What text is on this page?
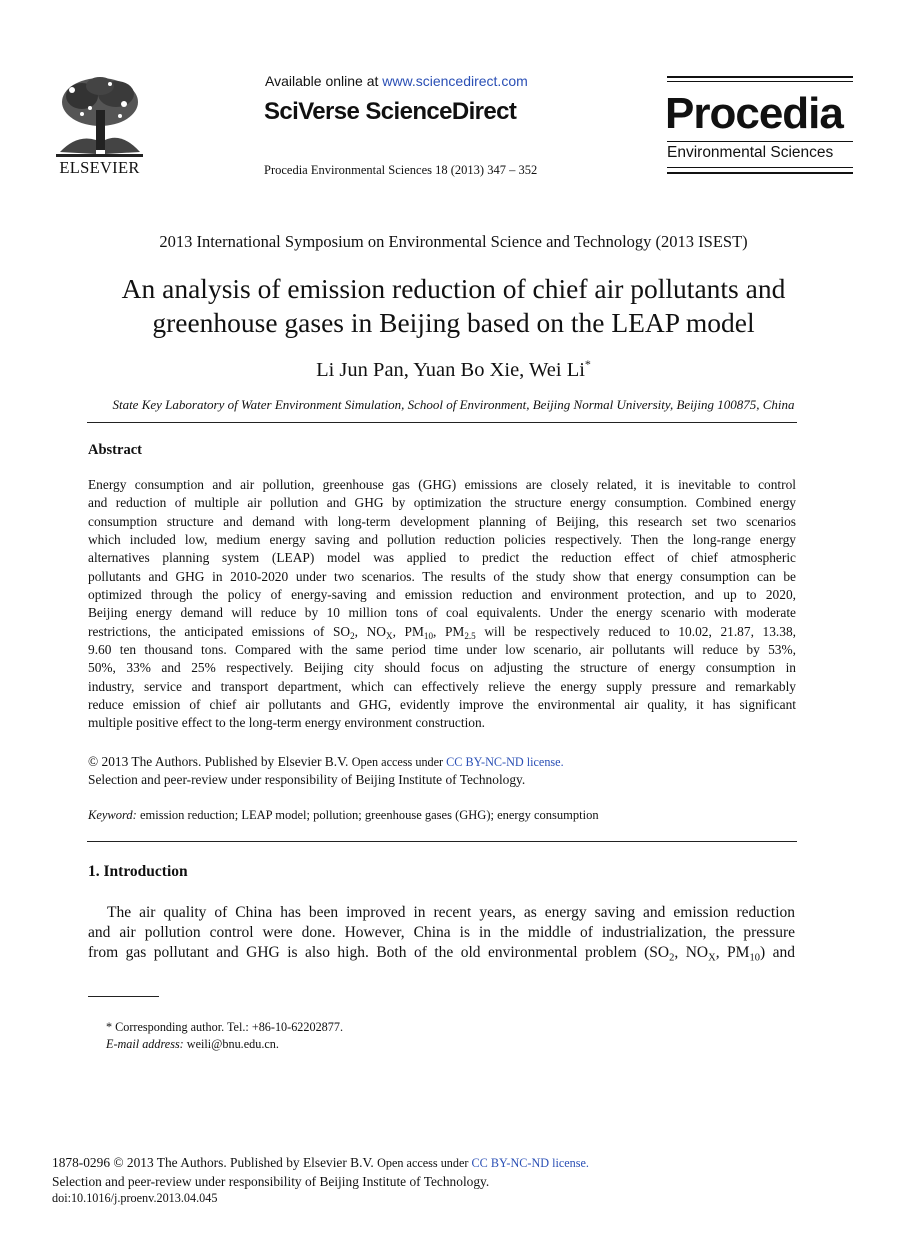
ELSEVIER
Available online at www.sciencedirect.com
SciVerse ScienceDirect
Procedia Environmental Sciences 18 (2013) 347 – 352
Procedia
Environmental Sciences
2013 International Symposium on Environmental Science and Technology (2013 ISEST)
An analysis of emission reduction of chief air pollutants and
greenhouse gases in Beijing based on the LEAP model
Li Jun Pan, Yuan Bo Xie, Wei Li*
State Key Laboratory of Water Environment Simulation, School of Environment, Beijing Normal University, Beijing 100875, China
Abstract
Energy consumption and air pollution, greenhouse gas (GHG) emissions are closely related, it is inevitable to control
and reduction of multiple air pollution and GHG by optimization the structure energy consumption. Combined energy
consumption structure and demand with long-term development planning of Beijing, this research set two scenarios
which included low, medium energy saving and pollution reduction policies respectively. Then the long-range energy
alternatives planning system (LEAP) model was applied to predict the reduction effect of chief atmospheric
pollutants and GHG in 2010-2020 under two scenarios. The results of the study show that energy consumption can be
optimized through the policy of energy-saving and emission reduction and environment protection, and up to 2020,
Beijing energy demand will reduce by 10 million tons of coal equivalents. Under the energy scenario with moderate
restrictions, the anticipated emissions of $SO_2$, $NO_X$, $PM_{10}$, $PM_{2.5}$ will be respectively reduced to 10.02, 21.87, 13.38,
9.60 ten thousand tons. Compared with the same period time under low scenario, air pollutants will reduce by 53%,
50%, 33% and 25% respectively. Beijing city should focus on adjusting the structure of energy consumption in
industry, service and transport department, which can effectively relieve the energy supply pressure and remarkably
reduce emission of chief air pollutants and GHG, evidently improve the environmental air quality, it has significant
multiple positive effect to the long-term energy environment construction.
© 2013 The Authors. Published by Elsevier B.V. Open access under CC BY-NC-ND license.
Selection and peer-review under responsibility of Beijing Institute of Technology.
Keyword: emission reduction; LEAP model; pollution; greenhouse gases (GHG); energy consumption
1. Introduction
The air quality of China has been improved in recent years, as energy saving and emission reduction
and air pollution control were done. However, China is in the middle of industrialization, the pressure
from gas pollutant and GHG is also high. Both of the old environmental problem ($SO_2$, $NO_X$, $PM_{10}$) and
* Corresponding author. Tel.: +86-10-62202877.
E-mail address: weili@bnu.edu.cn.
1878-0296 © 2013 The Authors. Published by Elsevier B.V. Open access under CC BY-NC-ND license.
Selection and peer-review under responsibility of Beijing Institute of Technology.
doi:10.1016/j.proenv.2013.04.045
